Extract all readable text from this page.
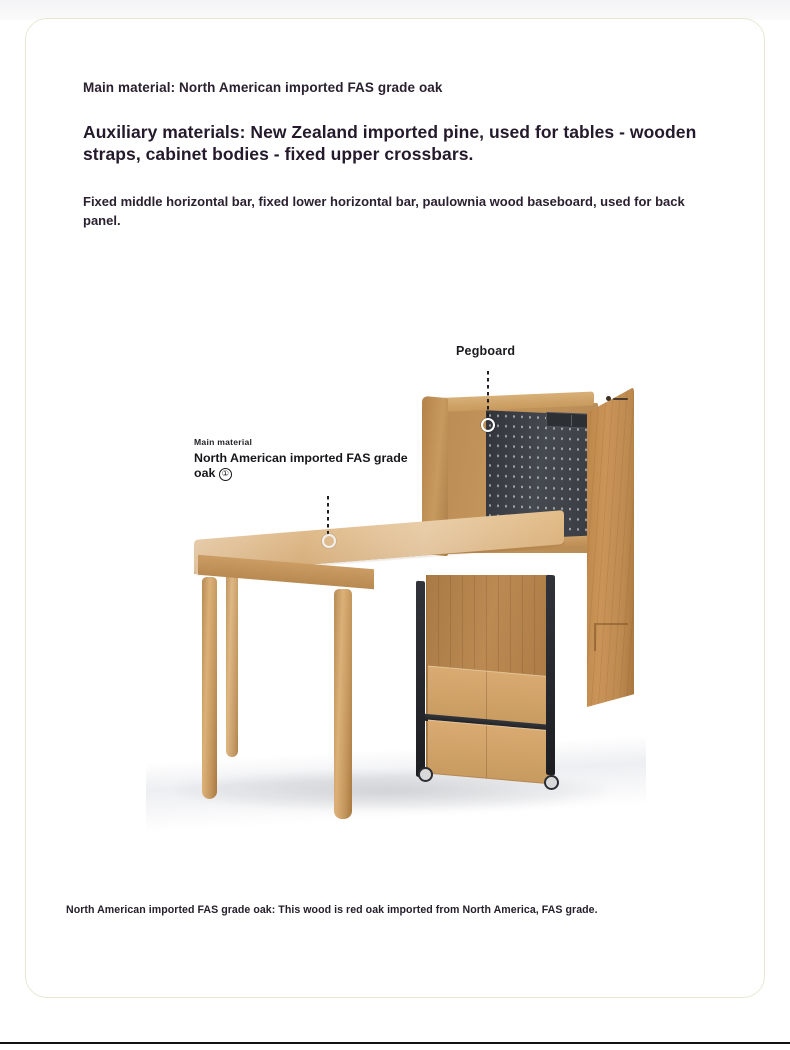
Main material: North American imported FAS grade oak

Auxiliary materials: New Zealand imported pine, used for tables - wooden straps, cabinet bodies - fixed upper crossbars.

Fixed middle horizontal bar, fixed lower horizontal bar, paulownia wood baseboard, used for back panel.

Pegboard
Main material
North American imported FAS grade oak ①
North American imported FAS grade oak: This wood is red oak imported from North America, FAS grade.
